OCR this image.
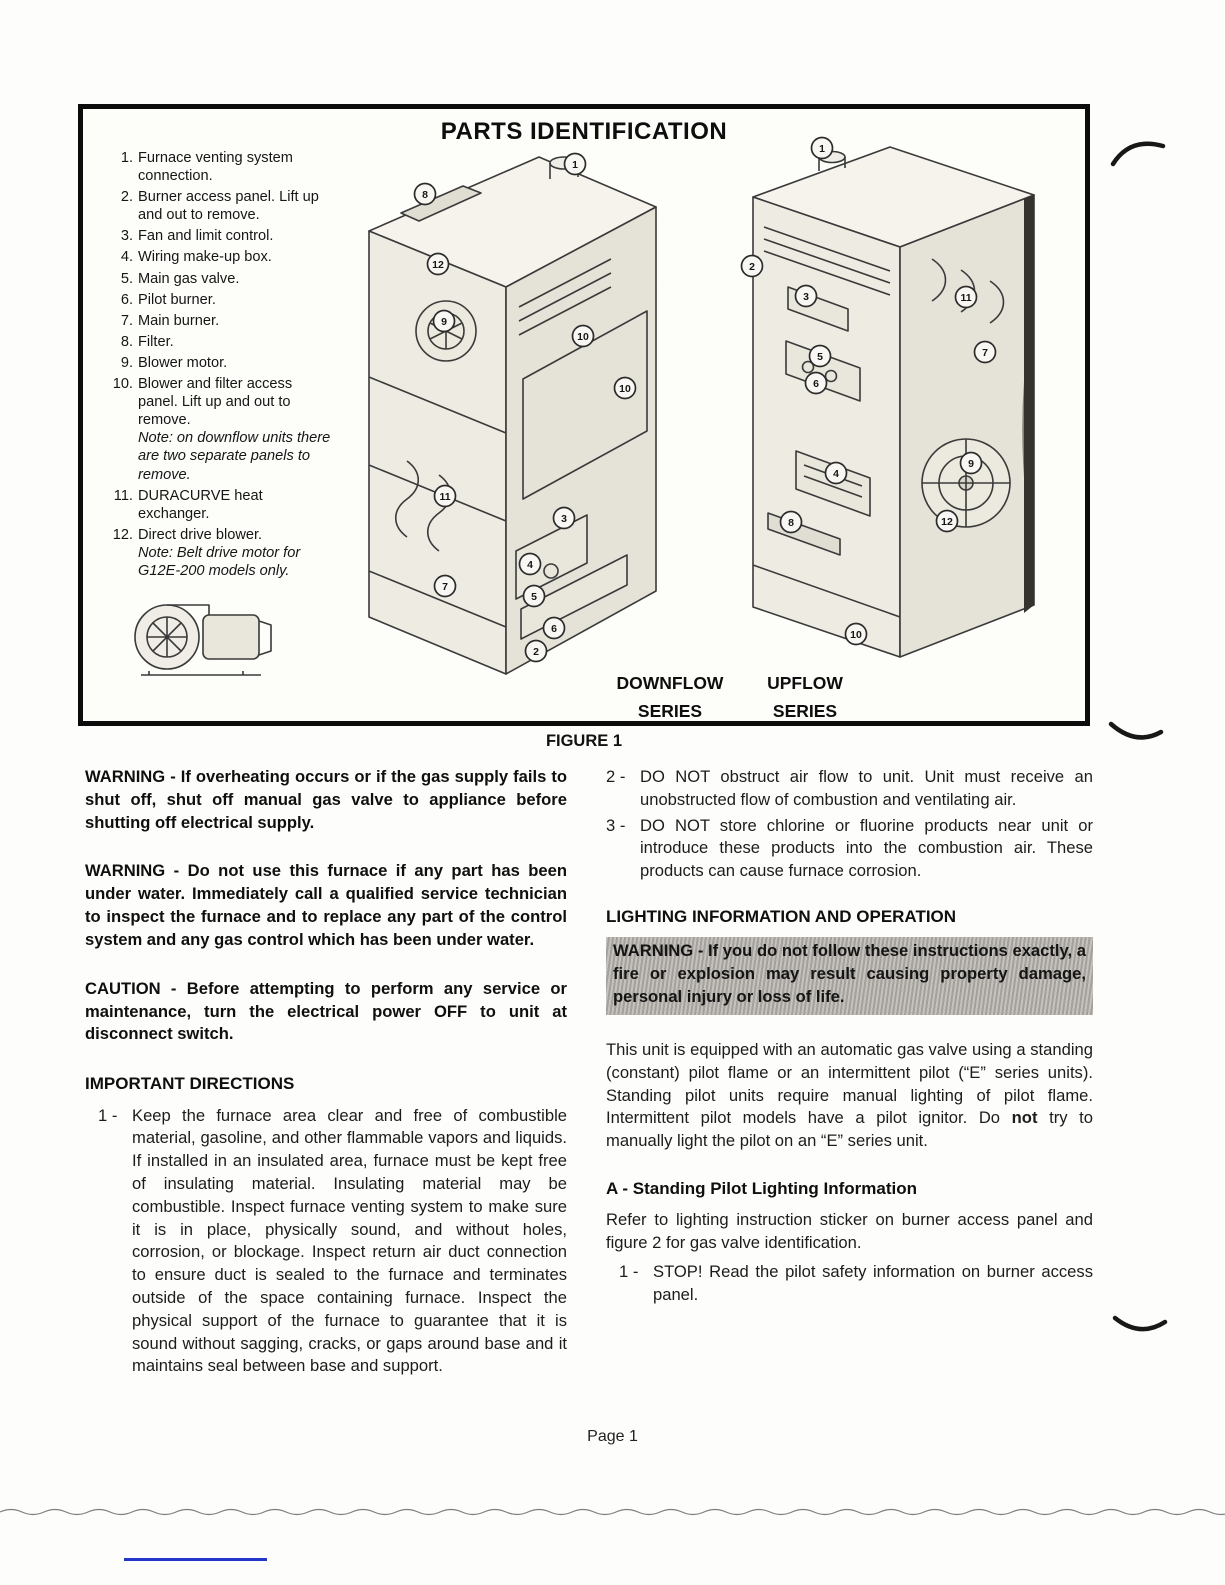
PARTS IDENTIFICATION
1. Furnace venting system connection.
2. Burner access panel. Lift up and out to remove.
3. Fan and limit control.
4. Wiring make-up box.
5. Main gas valve.
6. Pilot burner.
7. Main burner.
8. Filter.
9. Blower motor.
10. Blower and filter access panel. Lift up and out to remove.
Note: on downflow units there are two separate panels to remove.
11. DURACURVE heat exchanger.
12. Direct drive blower.
Note: Belt drive motor for G12E-200 models only.
1
8
12
9
10
10
11
3
4
7
5
6
2
1
2
3	11
7
5
6
9
4
8	12
10
DOWNFLOW
SERIES
UPFLOW
SERIES
FIGURE 1

WARNING - If overheating occurs or if the gas supply fails to shut off, shut off manual gas valve to appliance before shutting off electrical supply.

WARNING - Do not use this furnace if any part has been under water. Immediately call a qualified service technician to inspect the furnace and to replace any part of the control system and any gas control which has been under water.

CAUTION - Before attempting to perform any service or maintenance, turn the electrical power OFF to unit at disconnect switch.

IMPORTANT DIRECTIONS
1 - Keep the furnace area clear and free of combustible material, gasoline, and other flammable vapors and liquids. If installed in an insulated area, furnace must be kept free of insulating material. Insulating material may be combustible. Inspect furnace venting system to make sure it is in place, physically sound, and without holes, corrosion, or blockage. Inspect return air duct connection to ensure duct is sealed to the furnace and terminates outside of the space containing furnace. Inspect the physical support of the furnace to guarantee that it is sound without sagging, cracks, or gaps around base and it maintains seal between base and support.
2 - DO NOT obstruct air flow to unit. Unit must receive an unobstructed flow of combustion and ventilating air.
3 - DO NOT store chlorine or fluorine products near unit or introduce these products into the combustion air. These products can cause furnace corrosion.
LIGHTING INFORMATION AND OPERATION

WARNING - If you do not follow these instructions exactly, a fire or explosion may result causing property damage, personal injury or loss of life.

This unit is equipped with an automatic gas valve using a standing (constant) pilot flame or an intermittent pilot (“E” series units). Standing pilot units require manual lighting of pilot flame. Intermittent pilot models have a pilot ignitor. Do not try to manually light the pilot on an “E” series unit.

A - Standing Pilot Lighting Information

Refer to lighting instruction sticker on burner access panel and figure 2 for gas valve identification.

1 - STOP! Read the pilot safety information on burner access panel.
Page 1
